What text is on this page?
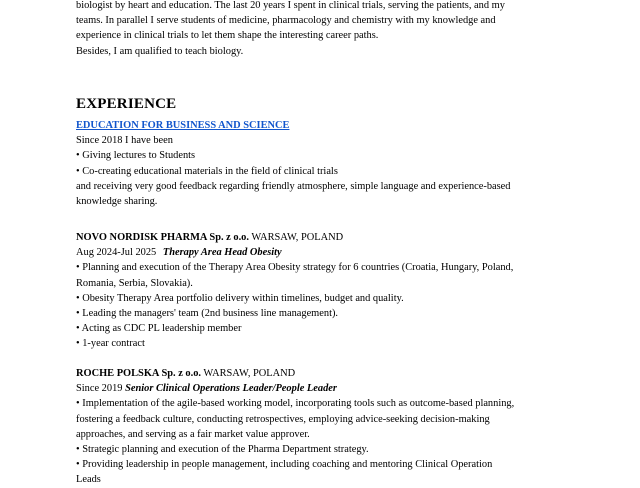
biologist by heart and education. The last 20 years I spent in clinical trials, serving the patients, and my
teams. In parallel I serve students of medicine, pharmacology and chemistry with my knowledge and
experience in clinical trials to let them shape the interesting career paths.
Besides, I am qualified to teach biology.
EXPERIENCE
EDUCATION FOR BUSINESS AND SCIENCE
Since 2018 I have been
• Giving lectures to Students
• Co-creating educational materials in the field of clinical trials
and receiving very good feedback regarding friendly atmosphere, simple language and experience-based
knowledge sharing.
NOVO NORDISK PHARMA Sp. z o.o. WARSAW, POLAND
Aug 2024-Jul 2025 Therapy Area Head Obesity
• Planning and execution of the Therapy Area Obesity strategy for 6 countries (Croatia, Hungary, Poland,
Romania, Serbia, Slovakia).
• Obesity Therapy Area portfolio delivery within timelines, budget and quality.
• Leading the managers' team (2nd business line management).
• Acting as CDC PL leadership member
• 1-year contract
ROCHE POLSKA Sp. z o.o. WARSAW, POLAND
Since 2019 Senior Clinical Operations Leader/People Leader
• Implementation of the agile-based working model, incorporating tools such as outcome-based planning,
fostering a feedback culture, conducting retrospectives, employing advice-seeking decision-making
approaches, and serving as a fair market value approver.
• Strategic planning and execution of the Pharma Department strategy.
• Providing leadership in people management, including coaching and mentoring Clinical Operation
Leads
